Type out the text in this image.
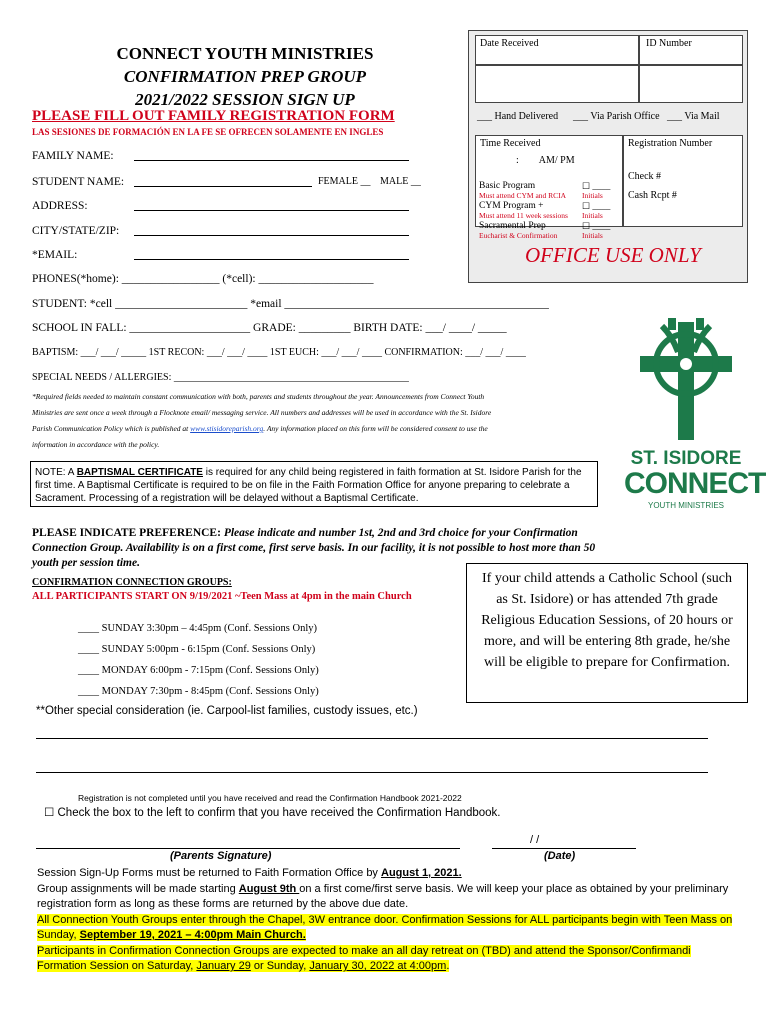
CONNECT YOUTH MINISTRIES
CONFIRMATION PREP GROUP
2021/2022 SESSION SIGN UP
PLEASE FILL OUT FAMILY REGISTRATION FORM
LAS SESIONES DE FORMACIÓN EN LA FE SE OFRECEN SOLAMENTE EN INGLES
Date Received	ID Number
___ Hand Delivered ___ Via Parish Office ___ Via Mail
Time Received
: AM/ PM
Basic Program
Must attend CYM and RCIA
CYM Program +
Must attend 11 week sessions
Sacramental Prep
Eucharist & Confirmation
☐ ____
Initials
☐ ____
Initials
☐ ____
Initials
Registration Number
Check #
Cash Rcpt #
OFFICE USE ONLY
FAMILY NAME:
STUDENT NAME:	FEMALE __ MALE __
ADDRESS:
CITY/STATE/ZIP:
*EMAIL:
PHONES(*home): _________________ (*cell): ____________________
STUDENT: *cell _______________________ *email ______________________________________________
SCHOOL IN FALL: _____________________ GRADE: _________ BIRTH DATE: ___/ ____/ _____
BAPTISM: ___/ ___/ _____ 1ST RECON: ___/ ___/ ____ 1ST EUCH: ___/ ___/ ____ CONFIRMATION: ___/ ___/ ____
SPECIAL NEEDS / ALLERGIES: _______________________________________________
*Required fields needed to maintain constant communication with both, parents and students throughout the year. Announcements from Connect Youth
Ministries are sent once a week through a Flocknote email/ messaging service. All numbers and addresses will be used in accordance with the St. Isidore
Parish Communication Policy which is published at www.stisidoreparish.org. Any information placed on this form will be considered consent to use the
information in accordance with the policy.
ST. ISIDORE
CONNECT
YOUTH MINISTRIES
NOTE: A BAPTISMAL CERTIFICATE is required for any child being registered in faith formation at St. Isidore Parish for the first time. A Baptismal Certificate is required to be on file in the Faith Formation Office for anyone preparing to celebrate a Sacrament. Processing of a registration will be delayed without a Baptismal Certificate.
PLEASE INDICATE PREFERENCE: Please indicate and number 1st, 2nd and 3rd choice for your Confirmation Connection Group. Availability is on a first come, first serve basis. In our facility, it is not possible to host more than 50 youth per session time.
CONFIRMATION CONNECTION GROUPS:
ALL PARTICIPANTS START ON 9/19/2021 ~Teen Mass at 4pm in the main Church
____ SUNDAY 3:30pm – 4:45pm (Conf. Sessions Only)
____ SUNDAY 5:00pm - 6:15pm (Conf. Sessions Only)
____ MONDAY 6:00pm - 7:15pm (Conf. Sessions Only)
____ MONDAY 7:30pm - 8:45pm (Conf. Sessions Only)
If your child attends a Catholic School (such as St. Isidore) or has attended 7th grade Religious Education Sessions, of 20 hours or more, and will be entering 8th grade, he/she will be eligible to prepare for Confirmation.
**Other special consideration (ie. Carpool-list families, custody issues, etc.)
Registration is not completed until you have received and read the Confirmation Handbook 2021-2022
☐ Check the box to the left to confirm that you have received the Confirmation Handbook.
(Parents Signature)
/ /
(Date)
Session Sign-Up Forms must be returned to Faith Formation Office by August 1, 2021.
Group assignments will be made starting August 9th on a first come/first serve basis. We will keep your place as obtained by your preliminary registration form as long as these forms are returned by the above due date.
All Connection Youth Groups enter through the Chapel, 3W entrance door. Confirmation Sessions for ALL participants begin with Teen Mass on Sunday, September 19, 2021 – 4:00pm Main Church.
Participants in Confirmation Connection Groups are expected to make an all day retreat on (TBD) and attend the Sponsor/Confirmandi Formation Session on Saturday, January 29 or Sunday, January 30, 2022 at 4:00pm.
